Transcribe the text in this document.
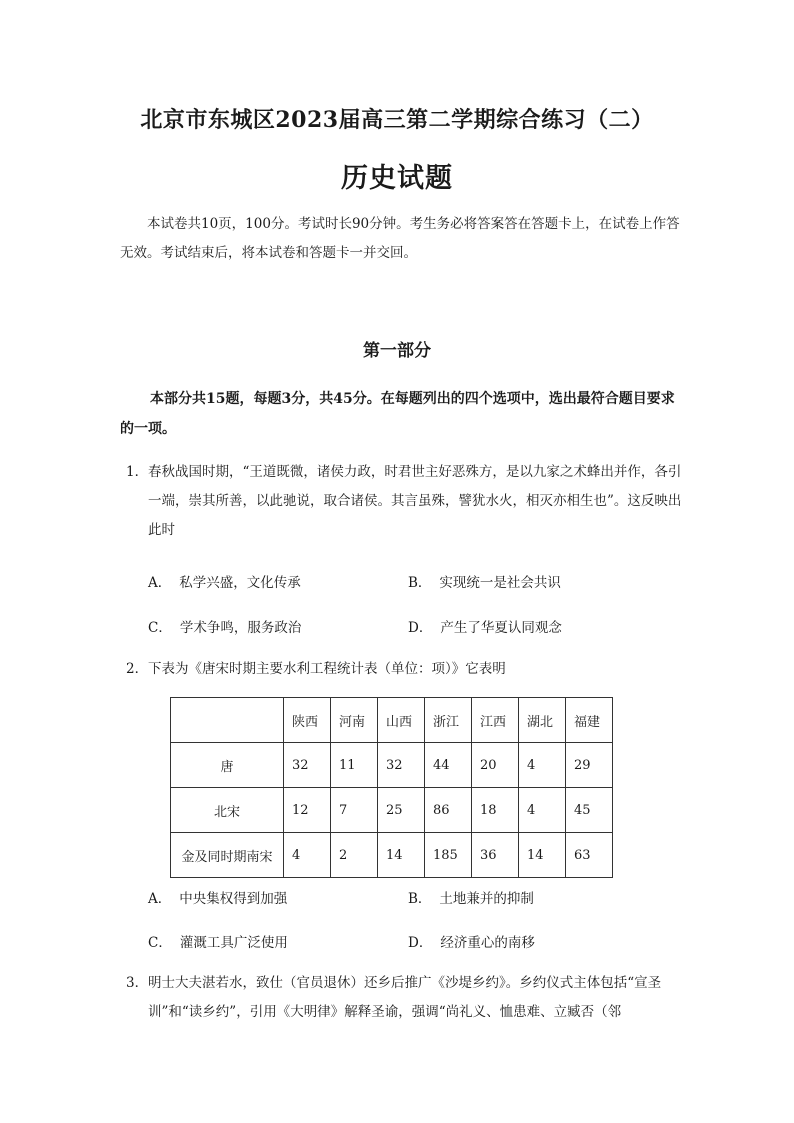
北京市东城区2023届高三第二学期综合练习（二）
历史试题
本试卷共10页，100分。考试时长90分钟。考生务必将答案答在答题卡上，在试卷上作答无效。考试结束后，将本试卷和答题卡一并交回。
第一部分
本部分共15题，每题3分，共45分。在每题列出的四个选项中，选出最符合题目要求的一项。
1． 春秋战国时期，“王道既微，诸侯力政，时君世主好恶殊方，是以九家之术蜂出并作，各引一端，崇其所善，以此驰说，取合诸侯。其言虽殊，譬犹水火，相灭亦相生也”。这反映出此时
A． 私学兴盛，文化传承	B． 实现统一是社会共识
C． 学术争鸣，服务政治	D． 产生了华夏认同观念
2． 下表为《唐宋时期主要水利工程统计表（单位：项）》它表明
	陕西	河南	山西	浙江	江西	湖北	福建
唐	32	11	32	44	20	4	29
北宋	12	7	25	86	18	4	45
金及同时期南宋	4	2	14	185	36	14	63
A． 中央集权得到加强	B． 土地兼并的抑制
C． 灌溉工具广泛使用	D． 经济重心的南移
3． 明士大夫湛若水，致仕（官员退休）还乡后推广《沙堤乡约》。乡约仪式主体包括“宣圣训”和“读乡约”，引用《大明律》解释圣谕，强调“尚礼义、恤患难、立臧否（邻
